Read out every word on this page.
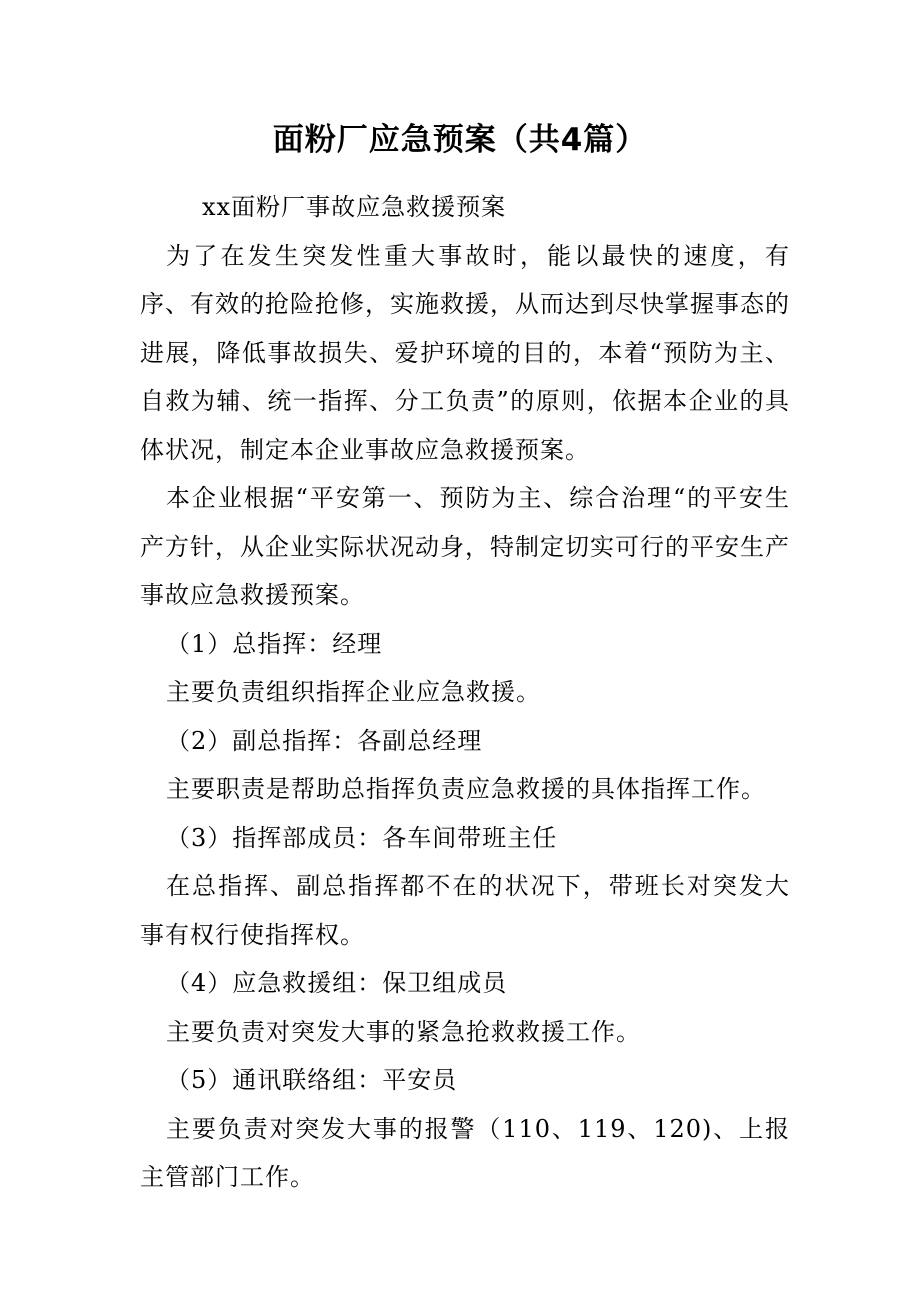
面粉厂应急预案（共4篇）

xx面粉厂事故应急救援预案

为了在发生突发性重大事故时，能以最快的速度，有序、有效的抢险抢修，实施救援，从而达到尽快掌握事态的进展，降低事故损失、爱护环境的目的，本着“预防为主、自救为辅、统一指挥、分工负责”的原则，依据本企业的具体状况，制定本企业事故应急救援预案。

本企业根据“平安第一、预防为主、综合治理“的平安生产方针，从企业实际状况动身，特制定切实可行的平安生产事故应急救援预案。

（1）总指挥：经理

主要负责组织指挥企业应急救援。

（2）副总指挥：各副总经理

主要职责是帮助总指挥负责应急救援的具体指挥工作。

（3）指挥部成员：各车间带班主任

在总指挥、副总指挥都不在的状况下，带班长对突发大事有权行使指挥权。

（4）应急救援组：保卫组成员

主要负责对突发大事的紧急抢救救援工作。

（5）通讯联络组：平安员

主要负责对突发大事的报警（110、119、120)、上报主管部门工作。
